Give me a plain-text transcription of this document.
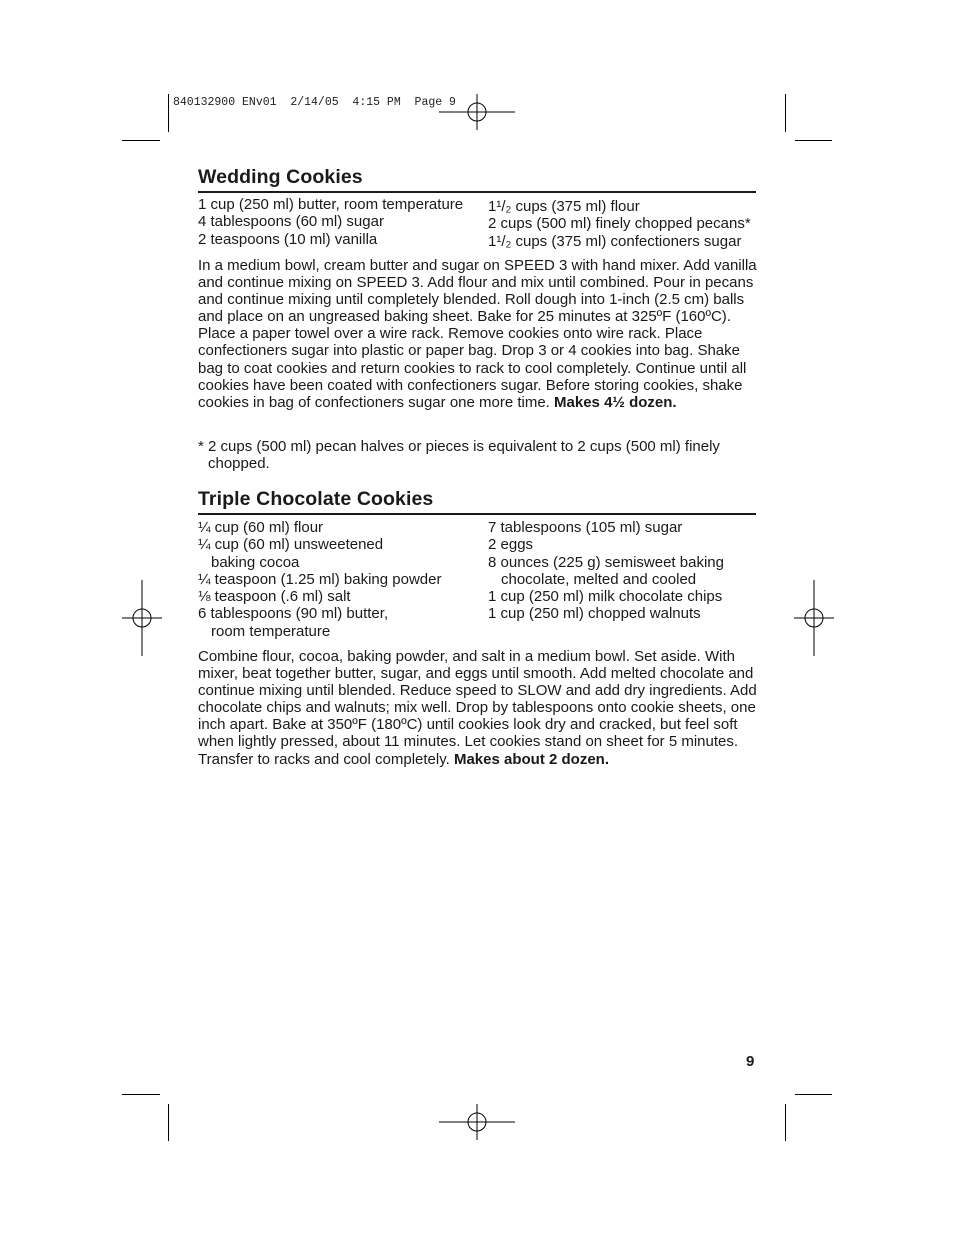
840132900 ENv01  2/14/05  4:15 PM  Page 9
Wedding Cookies
1 cup (250 ml) butter, room temperature
4 tablespoons (60 ml) sugar
2 teaspoons (10 ml) vanilla
1¹/₂ cups (375 ml) flour
2 cups (500 ml) finely chopped pecans*
1¹/₂ cups (375 ml) confectioners sugar
In a medium bowl, cream butter and sugar on SPEED 3 with hand mixer. Add vanilla and continue mixing on SPEED 3. Add flour and mix until combined. Pour in pecans and continue mixing until completely blended. Roll dough into 1-inch (2.5 cm) balls and place on an ungreased baking sheet. Bake for 25 minutes at 325ºF (160ºC). Place a paper towel over a wire rack. Remove cookies onto wire rack. Place confectioners sugar into plastic or paper bag. Drop 3 or 4 cookies into bag. Shake bag to coat cookies and return cookies to rack to cool completely. Continue until all cookies have been coated with confectioners sugar. Before storing cookies, shake cookies in bag of confectioners sugar one more time. Makes 4½ dozen.
* 2 cups (500 ml) pecan halves or pieces is equivalent to 2 cups (500 ml) finely chopped.
Triple Chocolate Cookies
¼ cup (60 ml) flour
¼ cup (60 ml) unsweetened
baking cocoa
¼ teaspoon (1.25 ml) baking powder
⅛ teaspoon (.6 ml) salt
6 tablespoons (90 ml) butter,
room temperature
7 tablespoons (105 ml) sugar
2 eggs
8 ounces (225 g) semisweet baking
chocolate, melted and cooled
1 cup (250 ml) milk chocolate chips
1 cup (250 ml) chopped walnuts
Combine flour, cocoa, baking powder, and salt in a medium bowl. Set aside. With mixer, beat together butter, sugar, and eggs until smooth. Add melted chocolate and continue mixing until blended. Reduce speed to SLOW and add dry ingredients. Add chocolate chips and walnuts; mix well. Drop by tablespoons onto cookie sheets, one inch apart. Bake at 350ºF (180ºC) until cookies look dry and cracked, but feel soft when lightly pressed, about 11 minutes. Let cookies stand on sheet for 5 minutes. Transfer to racks and cool completely. Makes about 2 dozen.
9
